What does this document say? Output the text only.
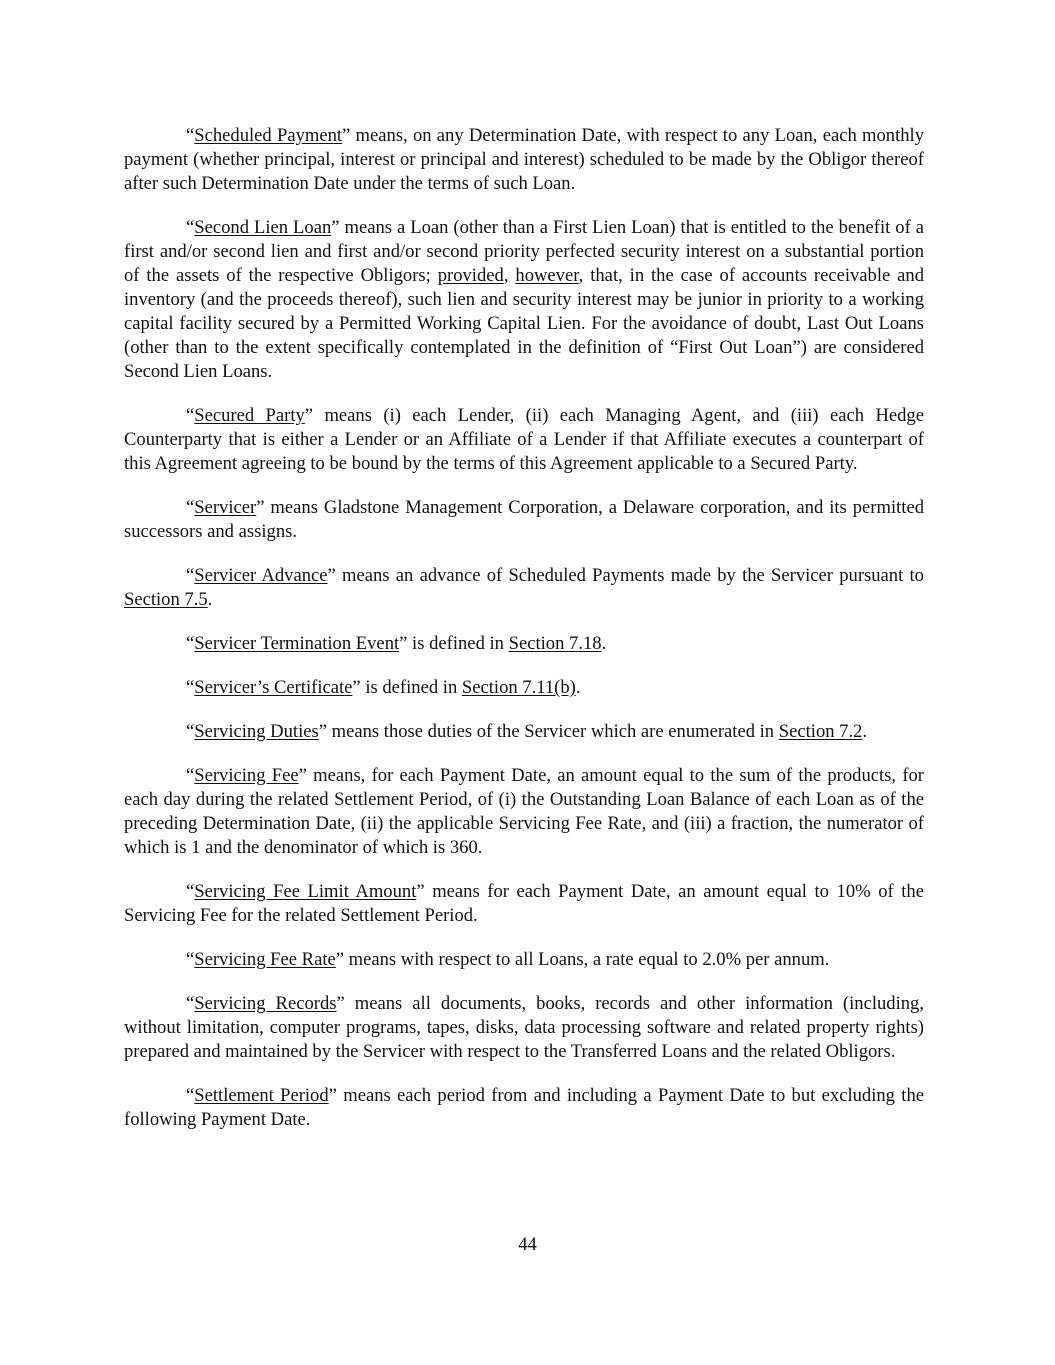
“Scheduled Payment” means, on any Determination Date, with respect to any Loan, each monthly payment (whether principal, interest or principal and interest) scheduled to be made by the Obligor thereof after such Determination Date under the terms of such Loan.

“Second Lien Loan” means a Loan (other than a First Lien Loan) that is entitled to the benefit of a first and/or second lien and first and/or second priority perfected security interest on a substantial portion of the assets of the respective Obligors; provided, however, that, in the case of accounts receivable and inventory (and the proceeds thereof), such lien and security interest may be junior in priority to a working capital facility secured by a Permitted Working Capital Lien. For the avoidance of doubt, Last Out Loans (other than to the extent specifically contemplated in the definition of “First Out Loan”) are considered Second Lien Loans.

“Secured Party” means (i) each Lender, (ii) each Managing Agent, and (iii) each Hedge Counterparty that is either a Lender or an Affiliate of a Lender if that Affiliate executes a counterpart of this Agreement agreeing to be bound by the terms of this Agreement applicable to a Secured Party.

“Servicer” means Gladstone Management Corporation, a Delaware corporation, and its permitted successors and assigns.

“Servicer Advance” means an advance of Scheduled Payments made by the Servicer pursuant to Section 7.5.

“Servicer Termination Event” is defined in Section 7.18.

“Servicer’s Certificate” is defined in Section 7.11(b).

“Servicing Duties” means those duties of the Servicer which are enumerated in Section 7.2.

“Servicing Fee” means, for each Payment Date, an amount equal to the sum of the products, for each day during the related Settlement Period, of (i) the Outstanding Loan Balance of each Loan as of the preceding Determination Date, (ii) the applicable Servicing Fee Rate, and (iii) a fraction, the numerator of which is 1 and the denominator of which is 360.

“Servicing Fee Limit Amount” means for each Payment Date, an amount equal to 10% of the Servicing Fee for the related Settlement Period.

“Servicing Fee Rate” means with respect to all Loans, a rate equal to 2.0% per annum.

“Servicing Records” means all documents, books, records and other information (including, without limitation, computer programs, tapes, disks, data processing software and related property rights) prepared and maintained by the Servicer with respect to the Transferred Loans and the related Obligors.

“Settlement Period” means each period from and including a Payment Date to but excluding the following Payment Date.

44
